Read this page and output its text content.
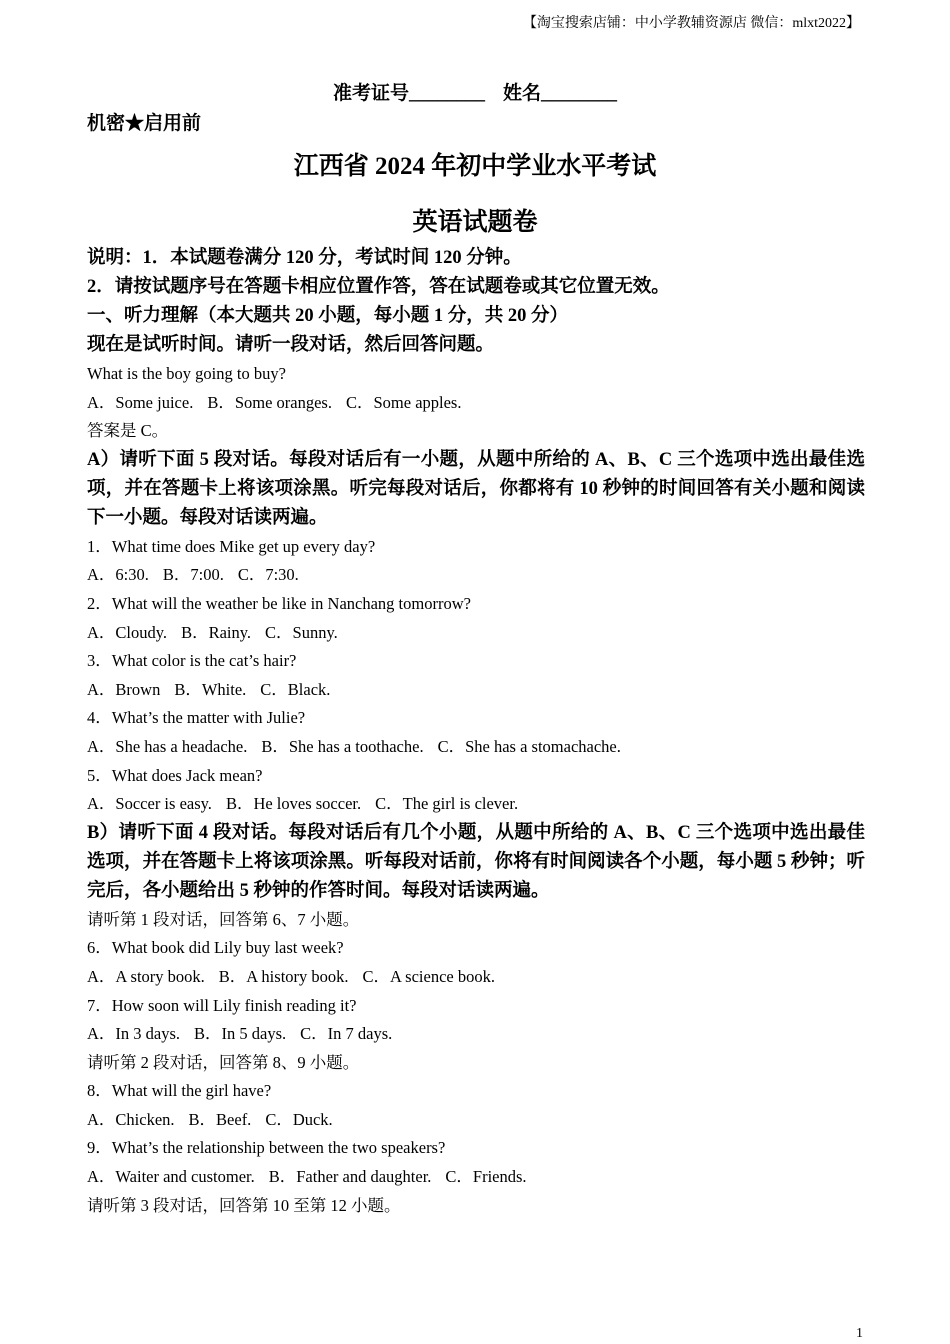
【淘宝搜索店铺：中小学教辅资源店 微信：mlxt2022】
准考证号________ 姓名________
机密★启用前
江西省 2024 年初中学业水平考试
英语试题卷
说明：1．本试题卷满分 120 分，考试时间 120 分钟。
2．请按试题序号在答题卡相应位置作答，答在试题卷或其它位置无效。
一、听力理解（本大题共 20 小题，每小题 1 分，共 20 分）
现在是试听时间。请听一段对话，然后回答问题。
What is the boy going to buy?
A．Some juice. B．Some oranges. C．Some apples.
答案是 C。
A）请听下面 5 段对话。每段对话后有一小题，从题中所给的 A、B、C 三个选项中选出最佳选项，并在答题卡上将该项涂黑。听完每段对话后，你都将有 10 秒钟的时间回答有关小题和阅读下一小题。每段对话读两遍。
1．What time does Mike get up every day?
A．6:30. B．7:00. C．7:30.
2．What will the weather be like in Nanchang tomorrow?
A．Cloudy. B．Rainy. C．Sunny.
3．What color is the cat’s hair?
A．Brown B．White. C．Black.
4．What’s the matter with Julie?
A．She has a headache. B．She has a toothache. C．She has a stomachache.
5．What does Jack mean?
A．Soccer is easy. B．He loves soccer. C．The girl is clever.
B）请听下面 4 段对话。每段对话后有几个小题，从题中所给的 A、B、C 三个选项中选出最佳选项，并在答题卡上将该项涂黑。听每段对话前，你将有时间阅读各个小题，每小题 5 秒钟；听完后，各小题给出 5 秒钟的作答时间。每段对话读两遍。
请听第 1 段对话，回答第 6、7 小题。
6．What book did Lily buy last week?
A．A story book. B．A history book. C．A science book.
7．How soon will Lily finish reading it?
A．In 3 days. B．In 5 days. C．In 7 days.
请听第 2 段对话，回答第 8、9 小题。
8．What will the girl have?
A．Chicken. B．Beef. C．Duck.
9．What’s the relationship between the two speakers?
A．Waiter and customer. B．Father and daughter. C．Friends.
请听第 3 段对话，回答第 10 至第 12 小题。
1
